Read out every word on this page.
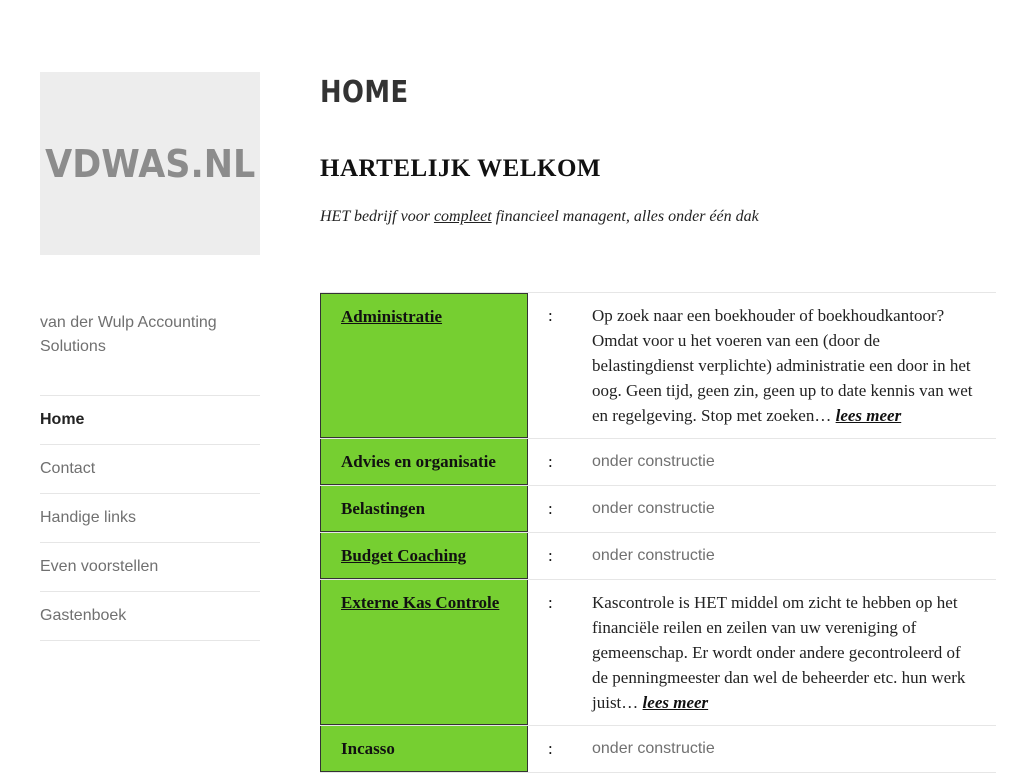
VDWAS.NL
van der Wulp Accounting Solutions
Home
Contact
Handige links
Even voorstellen
Gastenboek
HOME
HARTELIJK WELKOM

HET bedrijf voor compleet financieel managent, alles onder één dak

Administratie	:	Op zoek naar een boekhouder of boekhoudkantoor? Omdat voor u het voeren van een (door de belastingdienst verplichte) administratie een door in het oog. Geen tijd, geen zin, geen up to date kennis van wet en regelgeving. Stop met zoeken… lees meer
Advies en organisatie	:	onder constructie
Belastingen	:	onder constructie
Budget Coaching	:	onder constructie
Externe Kas Controle	:	Kascontrole is HET middel om zicht te hebben op het financiële reilen en zeilen van uw vereniging of gemeenschap. Er wordt onder andere gecontroleerd of de penningmeester dan wel de beheerder etc. hun werk juist… lees meer
Incasso	:	onder constructie
